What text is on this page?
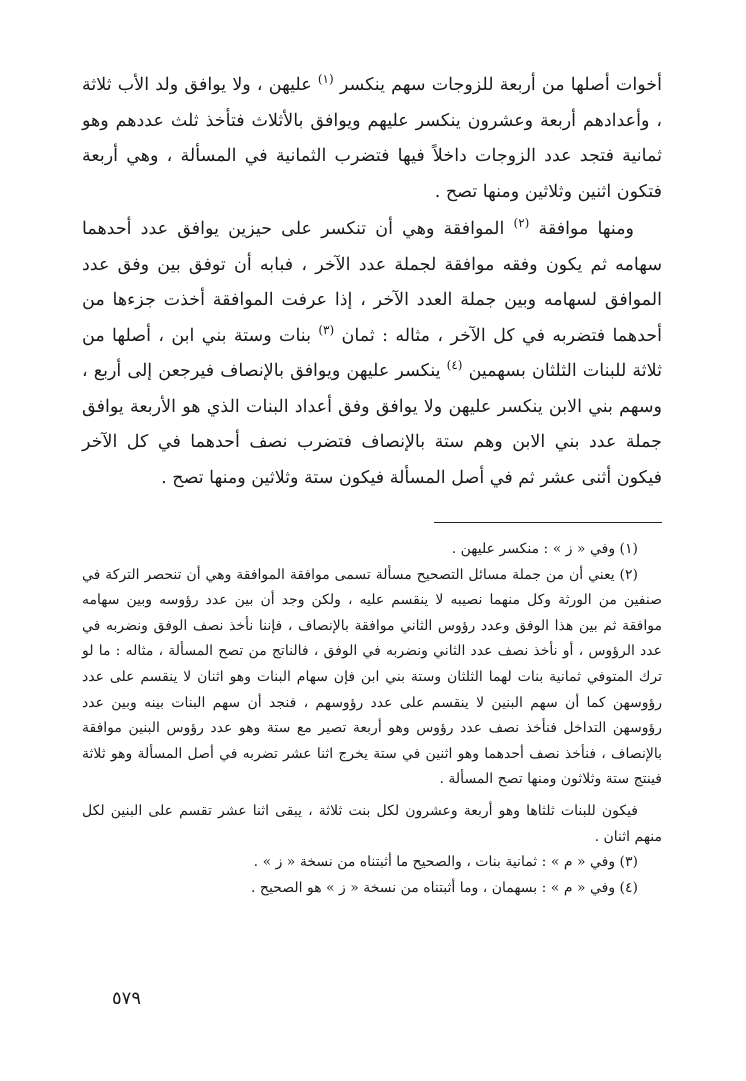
أخوات أصلها من أربعة للزوجات سهم ينكسر $^{(١)}$ عليهن ، ولا يوافق ولد الأب ثلاثة ، وأعدادهم أربعة وعشرون ينكسر عليهم ويوافق بالأثلاث فتأخذ ثلث عددهم وهو ثمانية فتجد عدد الزوجات داخلاً فيها فتضرب الثمانية في المسألة ، وهي أربعة فتكون اثنين وثلاثين ومنها تصح .

ومنها موافقة $^{(٢)}$ الموافقة وهي أن تنكسر على حيزين يوافق عدد أحدهما سهامه ثم يكون وفقه موافقة لجملة عدد الآخر ، فبابه أن توفق بين وفق عدد الموافق لسهامه وبين جملة العدد الآخر ، إذا عرفت الموافقة أخذت جزءها من أحدهما فتضربه في كل الآخر ، مثاله : ثمان $^{(٣)}$ بنات وستة بني ابن ، أصلها من ثلاثة للبنات الثلثان بسهمين $^{(٤)}$ ينكسر عليهن ويوافق بالإنصاف فيرجعن إلى أربع ، وسهم بني الابن ينكسر عليهن ولا يوافق وفق أعداد البنات الذي هو الأربعة يوافق جملة عدد بني الابن وهم ستة بالإنصاف فتضرب نصف أحدهما في كل الآخر فيكون أثنى عشر ثم في أصل المسألة فيكون ستة وثلاثين ومنها تصح .

(١) وفي « ز » : منكسر عليهن .

(٢) يعني أن من جملة مسائل التصحيح مسألة تسمى موافقة الموافقة وهي أن تنحصر التركة في صنفين من الورثة وكل منهما نصيبه لا ينقسم عليه ، ولكن وجد أن بين عدد رؤوسه وبين سهامه موافقة ثم بين هذا الوفق وعدد رؤوس الثاني موافقة بالإنصاف ، فإننا نأخذ نصف الوفق ونضربه في عدد الرؤوس ، أو نأخذ نصف عدد الثاني ونضربه في الوفق ، فالناتج من تصح المسألة ، مثاله : ما لو ترك المتوفي ثمانية بنات لهما الثلثان وستة بني ابن فإن سهام البنات وهو اثنان لا ينقسم على عدد رؤوسهن كما أن سهم البنين لا ينقسم على عدد رؤوسهم ، فنجد أن سهم البنات بينه وبين عدد رؤوسهن التداخل فنأخذ نصف عدد رؤوس وهو أربعة تصير مع ستة وهو عدد رؤوس البنين موافقة بالإنصاف ، فنأخذ نصف أحدهما وهو اثنين في ستة يخرج اثنا عشر تضربه في أصل المسألة وهو ثلاثة فينتج ستة وثلاثون ومنها تصح المسألة .

فيكون للبنات ثلثاها وهو أربعة وعشرون لكل بنت ثلاثة ، يبقى اثنا عشر تقسم على البنين لكل منهم اثنان .

(٣) وفي « م » : ثمانية بنات ، والصحيح ما أثبتناه من نسخة « ز » .

(٤) وفي « م » : بسهمان ، وما أثبتناه من نسخة « ز » هو الصحيح .

٥٧٩
